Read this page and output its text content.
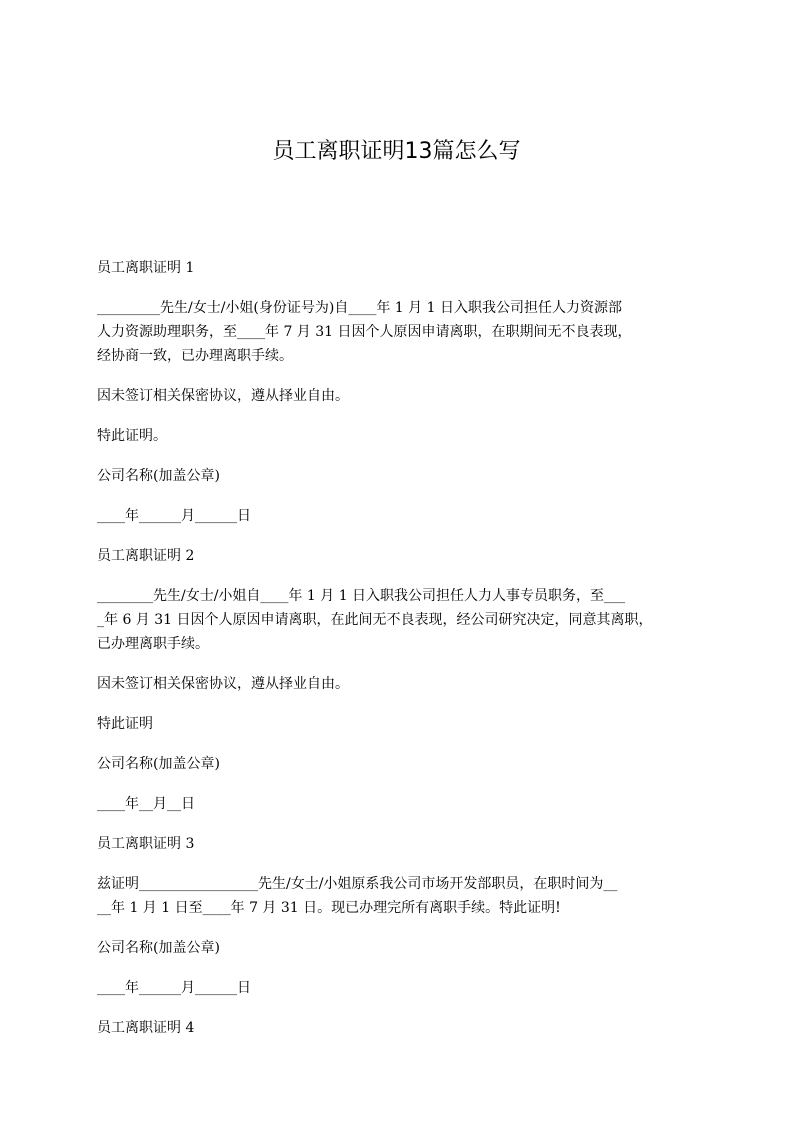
员工离职证明13篇怎么写
员工离职证明 1
_________先生/女士/小姐(身份证号为)自____年 1 月 1 日入职我公司担任人力资源部
人力资源助理职务，至____年 7 月 31 日因个人原因申请离职，在职期间无不良表现，
经协商一致，已办理离职手续。
因未签订相关保密协议，遵从择业自由。
特此证明。
公司名称(加盖公章)
____年______月______日
员工离职证明 2
________先生/女士/小姐自____年 1 月 1 日入职我公司担任人力人事专员职务，至___
_年 6 月 31 日因个人原因申请离职，在此间无不良表现，经公司研究决定，同意其离职，
已办理离职手续。
因未签订相关保密协议，遵从择业自由。
特此证明
公司名称(加盖公章)
____年__月__日
员工离职证明 3
兹证明_________________先生/女士/小姐原系我公司市场开发部职员，在职时间为__
__年 1 月 1 日至____年 7 月 31 日。现已办理完所有离职手续。特此证明!
公司名称(加盖公章)
____年______月______日
员工离职证明 4
